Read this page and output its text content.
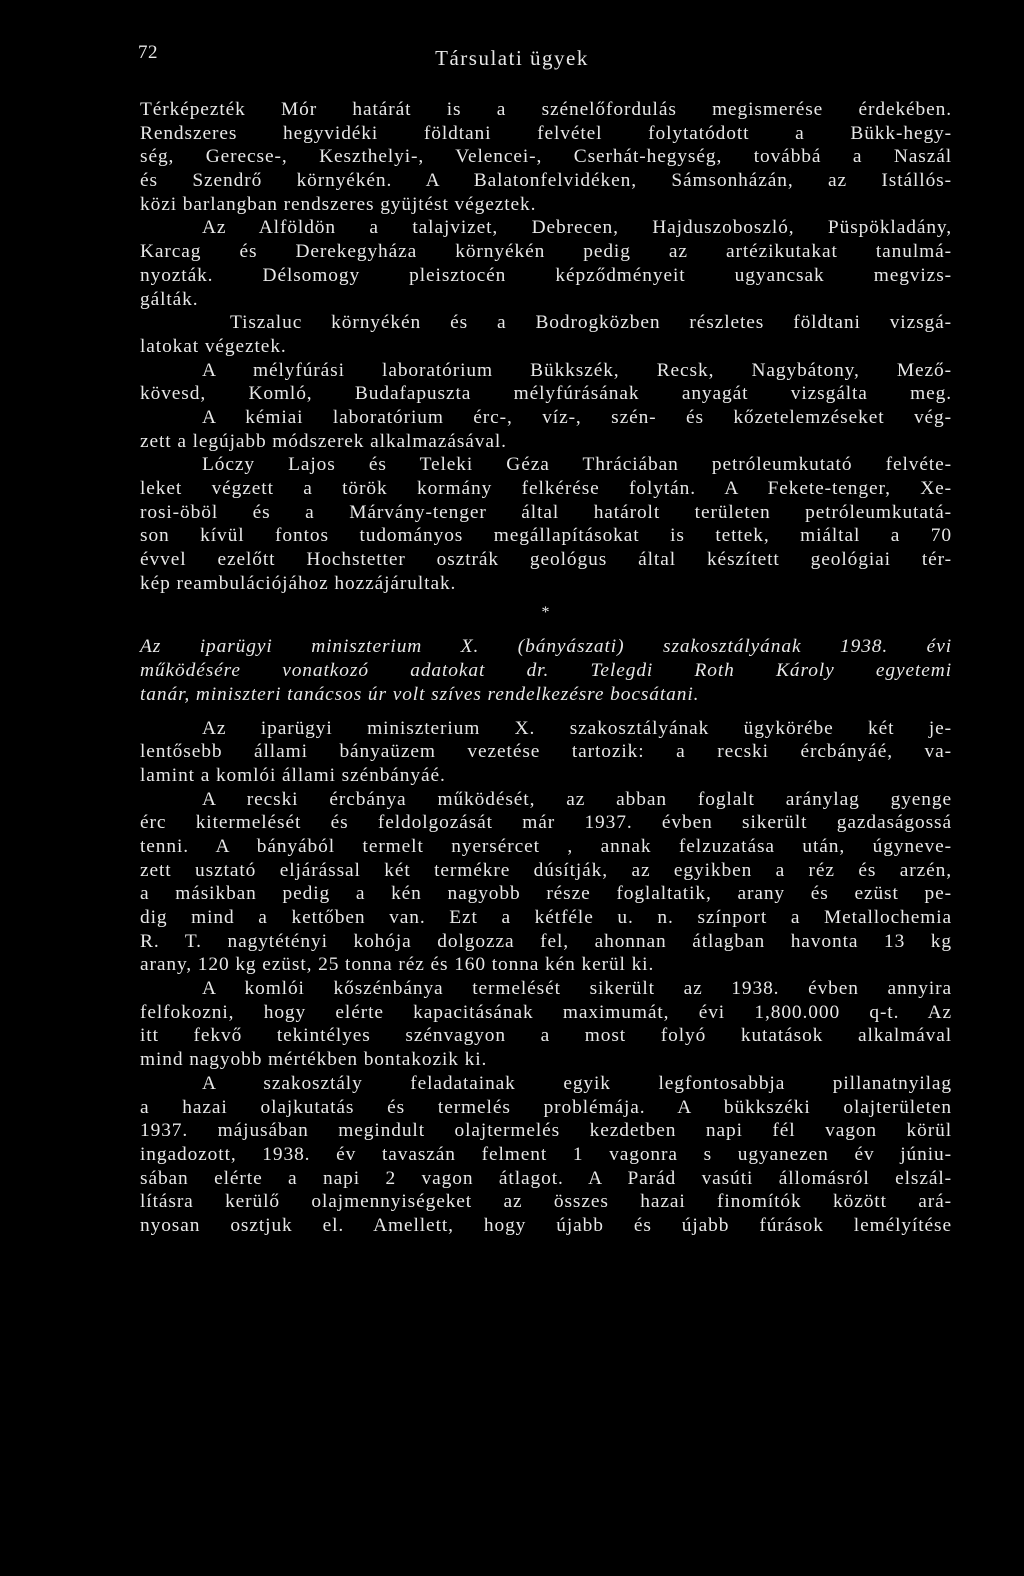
72	Társulati ügyek
Térképezték Mór határát is a szénelőfordulás megismerése érdekében.
Rendszeres hegyvidéki földtani felvétel folytatódott a Bükk-hegy-
ség, Gerecse-, Keszthelyi-, Velencei-, Cserhát-hegység, továbbá a Naszál
és Szendrő környékén. A Balatonfelvidéken, Sámsonházán, az Istállós-
közi barlangban rendszeres gyüjtést végeztek.
Az Alföldön a talajvizet, Debrecen, Hajduszoboszló, Püspökladány,
Karcag és Derekegyháza környékén pedig az artézikutakat tanulmá-
nyozták. Délsomogy pleisztocén képződményeit ugyancsak megvizs-
gálták.
Tiszaluc környékén és a Bodrogközben részletes földtani vizsgá-
latokat végeztek.
A mélyfúrási laboratórium Bükkszék, Recsk, Nagybátony, Mező-
kövesd, Komló, Budafapuszta mélyfúrásának anyagát vizsgálta meg.
A kémiai laboratórium érc-, víz-, szén- és kőzetelemzéseket vég-
zett a legújabb módszerek alkalmazásával.
Lóczy Lajos és Teleki Géza Thráciában petróleumkutató felvéte-
leket végzett a török kormány felkérése folytán. A Fekete-tenger, Xe-
rosi-öböl és a Márvány-tenger által határolt területen petróleumkutatá-
son kívül fontos tudományos megállapításokat is tettek, miáltal a 70
évvel ezelőtt Hochstetter osztrák geológus által készített geológiai tér-
kép reambulációjához hozzájárultak.
*
Az iparügyi miniszterium X. (bányászati) szakosztályának 1938. évi
működésére vonatkozó adatokat dr. Telegdi Roth Károly egyetemi
tanár, miniszteri tanácsos úr volt szíves rendelkezésre bocsátani.
Az iparügyi miniszterium X. szakosztályának ügykörébe két je-
lentősebb állami bányaüzem vezetése tartozik: a recski ércbányáé, va-
lamint a komlói állami szénbányáé.
A recski ércbánya működését, az abban foglalt aránylag gyenge
érc kitermelését és feldolgozását már 1937. évben sikerült gazdaságossá
tenni. A bányából termelt nyersércet , annak felzuzatása után, úgyneve-
zett usztató eljárással két termékre dúsítják, az egyikben a réz és arzén,
a másikban pedig a kén nagyobb része foglaltatik, arany és ezüst pe-
dig mind a kettőben van. Ezt a kétféle u. n. színport a Metallochemia
R. T. nagytétényi kohója dolgozza fel, ahonnan átlagban havonta 13 kg
arany, 120 kg ezüst, 25 tonna réz és 160 tonna kén kerül ki.
A komlói kőszénbánya termelését sikerült az 1938. évben annyira
felfokozni, hogy elérte kapacitásának maximumát, évi 1,800.000 q-t. Az
itt fekvő tekintélyes szénvagyon a most folyó kutatások alkalmával
mind nagyobb mértékben bontakozik ki.
A szakosztály feladatainak egyik legfontosabbja pillanatnyilag
a hazai olajkutatás és termelés problémája. A bükkszéki olajterületen
1937. májusában megindult olajtermelés kezdetben napi fél vagon körül
ingadozott, 1938. év tavaszán felment 1 vagonra s ugyanezen év júniu-
sában elérte a napi 2 vagon átlagot. A Parád vasúti állomásról elszál-
lításra kerülő olajmennyiségeket az összes hazai finomítók között ará-
nyosan osztjuk el. Amellett, hogy újabb és újabb fúrások lemélyítése
